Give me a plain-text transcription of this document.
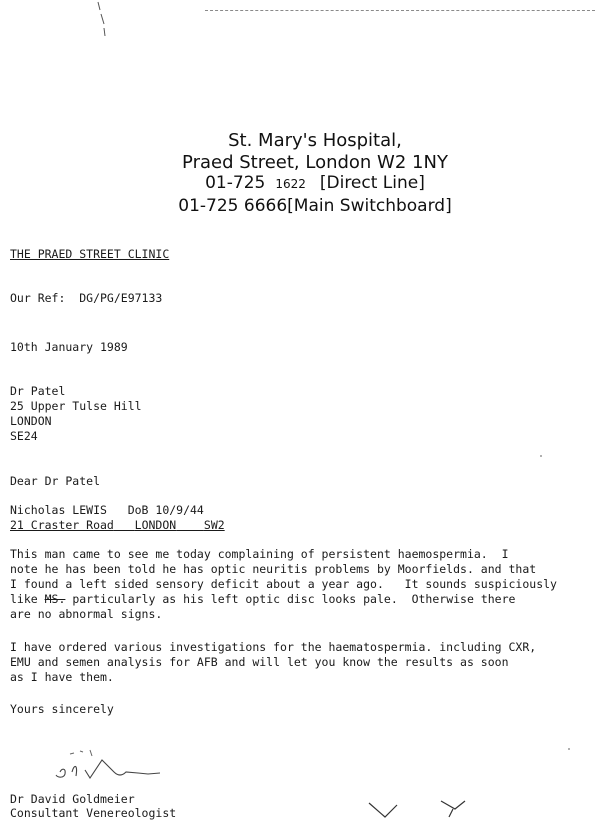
St. Mary's Hospital,
Praed Street, London W2 1NY
01-725 1622 [Direct Line]
01-725 6666[Main Switchboard]
THE PRAED STREET CLINIC
Our Ref:  DG/PG/E97133
10th January 1989
Dr Patel
25 Upper Tulse Hill
LONDON
SE24
Dear Dr Patel
Nicholas LEWIS   DoB 10/9/44
21 Craster Road LONDON SW2
This man came to see me today complaining of persistent haemospermia.  I
note he has been told he has optic neuritis problems by Moorfields. and that
I found a left sided sensory deficit about a year ago.   It sounds suspiciously
like MS. particularly as his left optic disc looks pale.  Otherwise there
are no abnormal signs.
I have ordered various investigations for the haematospermia. including CXR,
EMU and semen analysis for AFB and will let you know the results as soon
as I have them.
Yours sincerely
Dr David Goldmeier
Consultant Venereologist
